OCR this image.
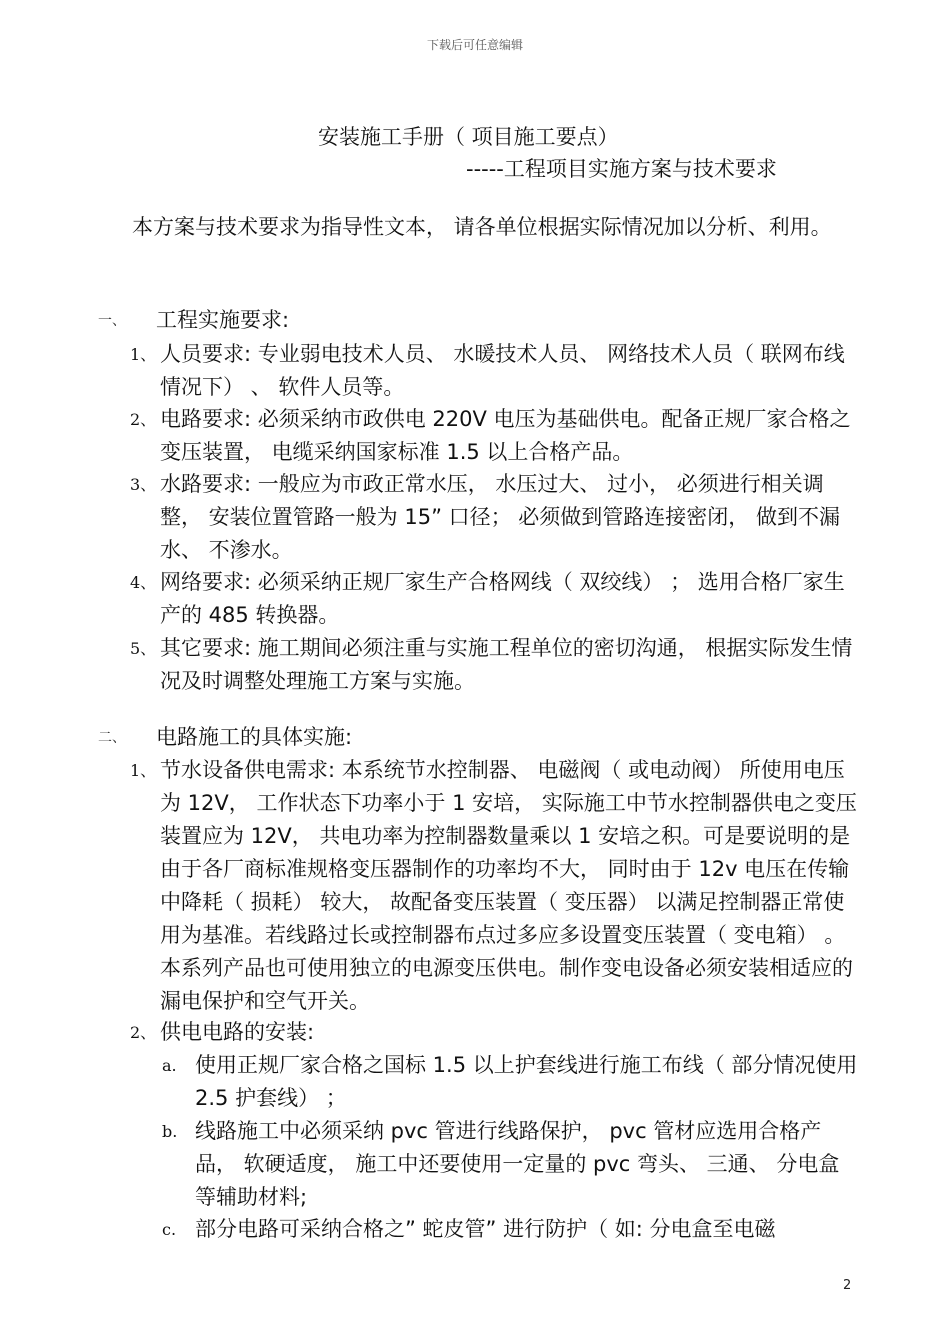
下载后可任意编辑
安装施工手册（ 项目施工要点）
-----工程项目实施方案与技术要求
本方案与技术要求为指导性文本， 请各单位根据实际情况加以分析、利用。
一、 工程实施要求:
1、 人员要求: 专业弱电技术人员、 水暖技术人员、 网络技术人员（ 联网布线情况下） 、 软件人员等。
2、 电路要求: 必须采纳市政供电 220V 电压为基础供电。配备正规厂家合格之变压装置， 电缆采纳国家标准 1.5 以上合格产品。
3、 水路要求: 一般应为市政正常水压， 水压过大、 过小， 必须进行相关调整， 安装位置管路一般为 15” 口径； 必须做到管路连接密闭， 做到不漏水、 不渗水。
4、 网络要求: 必须采纳正规厂家生产合格网线（ 双绞线） ； 选用合格厂家生产的 485 转换器。
5、 其它要求: 施工期间必须注重与实施工程单位的密切沟通， 根据实际发生情况及时调整处理施工方案与实施。
二、 电路施工的具体实施:
1、 节水设备供电需求: 本系统节水控制器、 电磁阀（ 或电动阀） 所使用电压为 12V， 工作状态下功率小于 1 安培， 实际施工中节水控制器供电之变压装置应为 12V， 共电功率为控制器数量乘以 1 安培之积。可是要说明的是由于各厂商标准规格变压器制作的功率均不大， 同时由于 12v 电压在传输中降耗（ 损耗） 较大， 故配备变压装置（ 变压器） 以满足控制器正常使用为基准。若线路过长或控制器布点过多应多设置变压装置（ 变电箱） 。本系列产品也可使用独立的电源变压供电。制作变电设备必须安装相适应的漏电保护和空气开关。
2、 供电电路的安装:
a. 使用正规厂家合格之国标 1.5 以上护套线进行施工布线（ 部分情况使用 2.5 护套线） ；
b. 线路施工中必须采纳 pvc 管进行线路保护， pvc 管材应选用合格产品， 软硬适度， 施工中还要使用一定量的 pvc 弯头、 三通、 分电盒等辅助材料;
c. 部分电路可采纳合格之” 蛇皮管” 进行防护（ 如: 分电盒至电磁
2
